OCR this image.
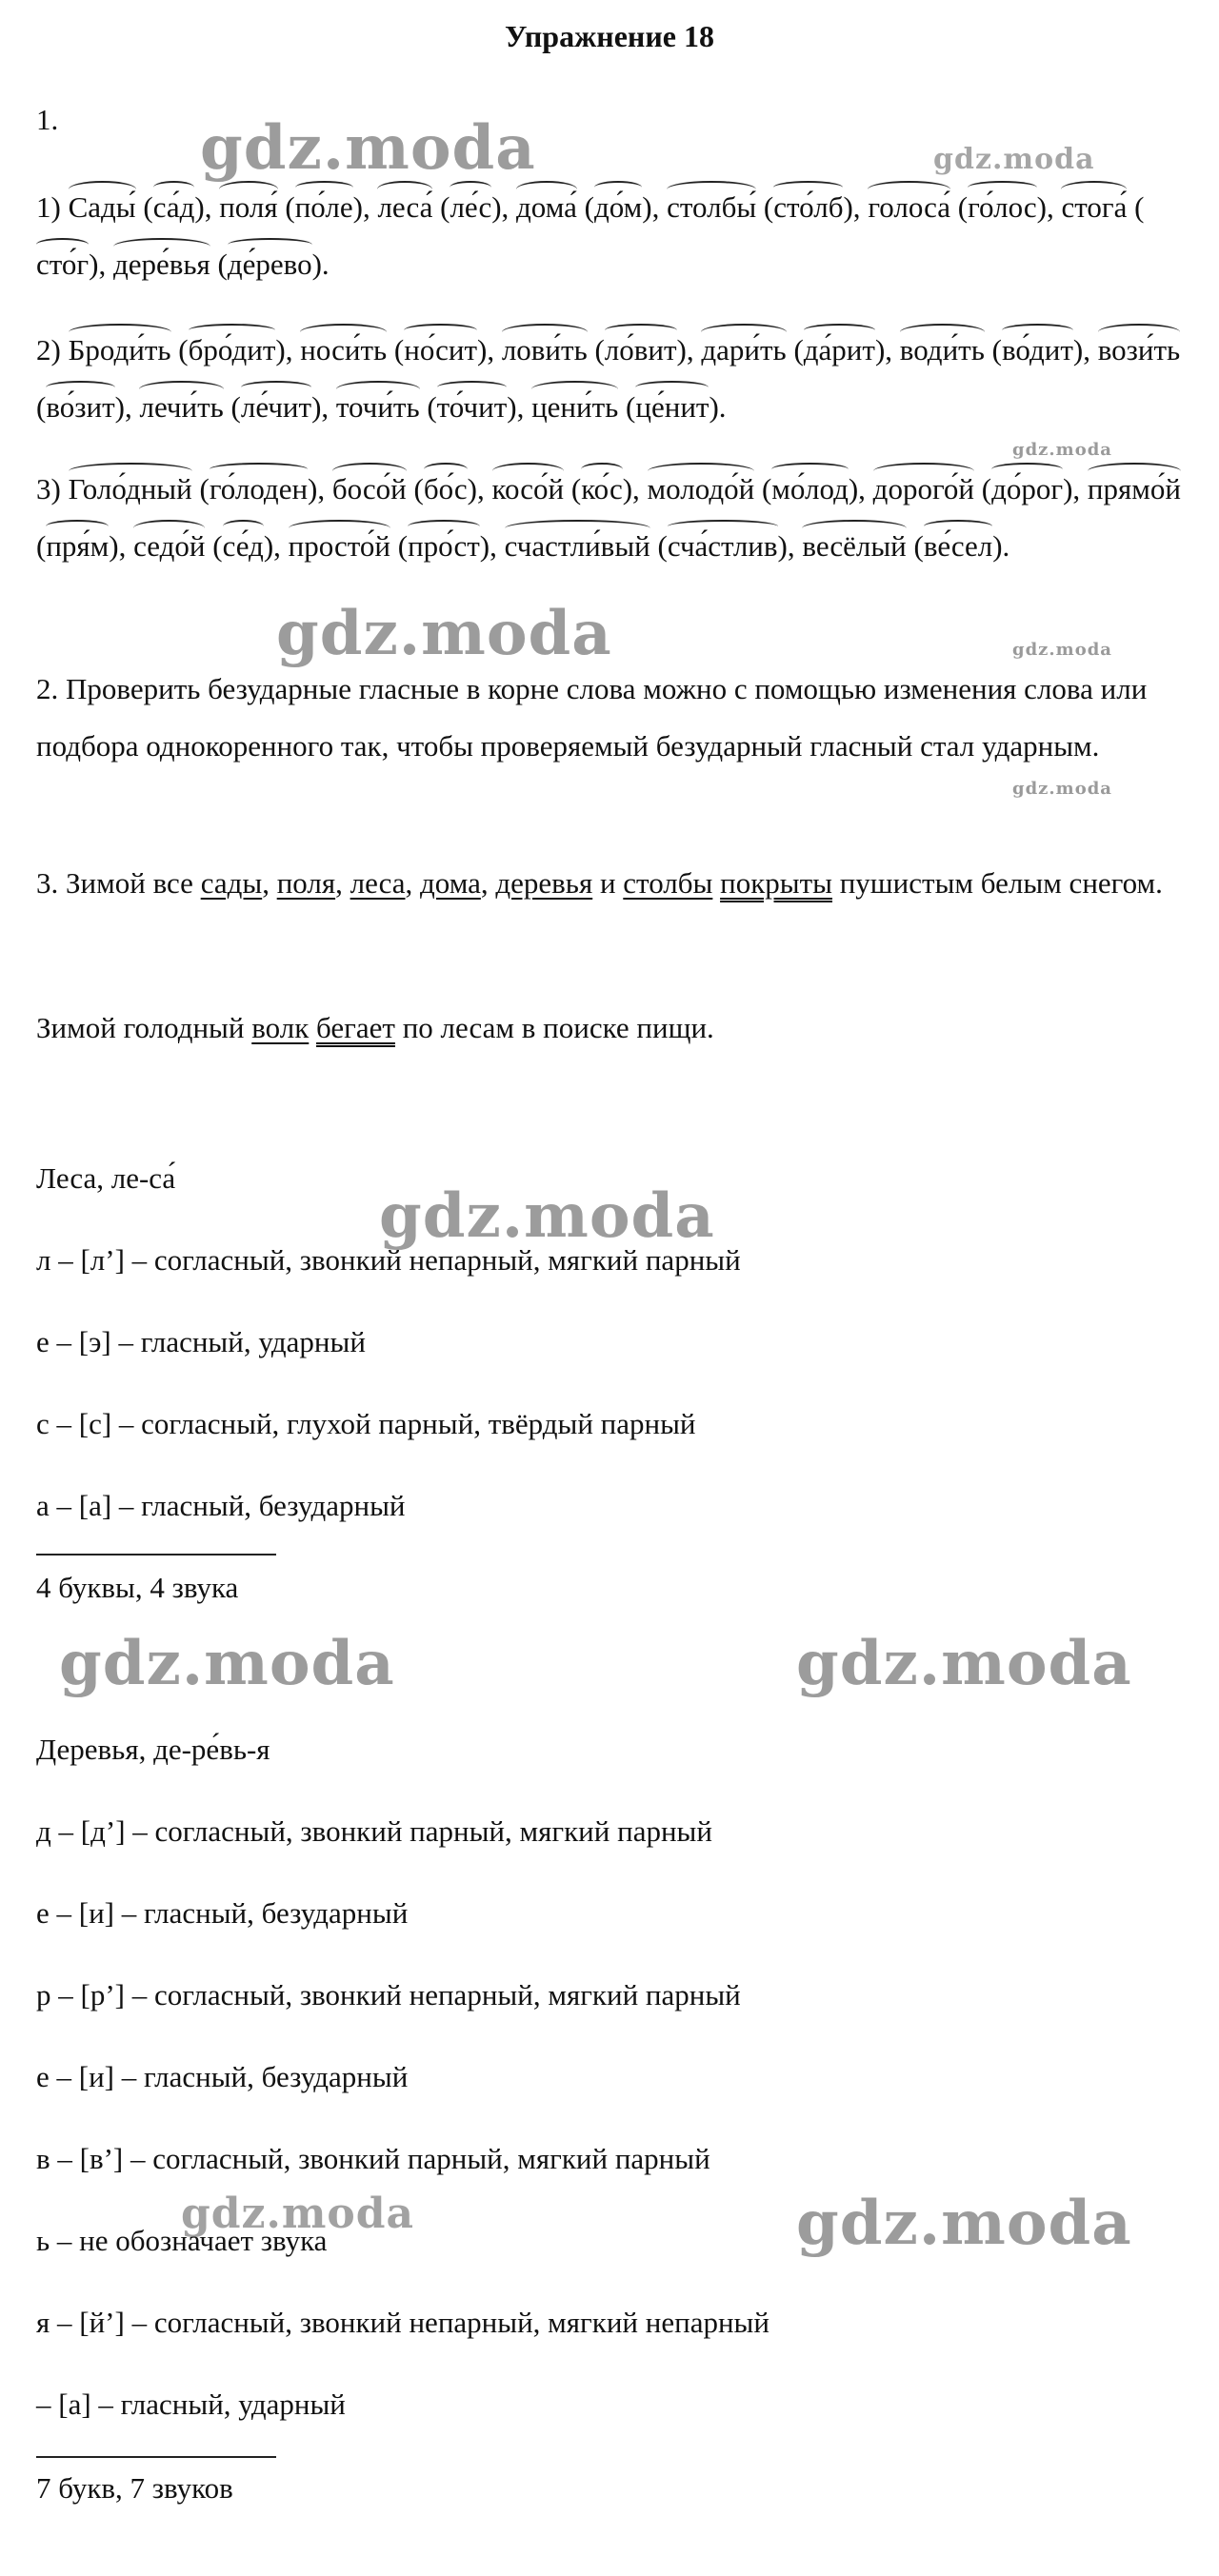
Упражнение 18
gdz.moda	gdz.moda
gdz.moda
gdz.moda	gdz.moda
gdz.moda
gdz.moda
gdz.moda	gdz.moda
gdz.moda	gdz.moda
1.
1)
Сады́ (
са́д),
поля́ (
по́ле),
леса́ (
ле́с),
дома́ (
до́м),
столбы́ (
сто́лб),
голоса́ (
го́лос),
стога́ (
сто́г),
дере́вья (
де́рево).
2)
Броди́ть (
бро́дит),
носи́ть (
но́сит),
лови́ть (
ло́вит),
дари́ть (
да́рит),
води́ть (
во́дит),
вози́ть (
во́зит),
лечи́ть (
ле́чит),
точи́ть (
то́чит),
цени́ть (
це́нит).
3)
Голо́дный (
го́лоден),
босо́й (
бо́с),
косо́й (
ко́с),
молодо́й (
мо́лод),
дорого́й (
до́рог),
прямо́й (
пря́м),
седо́й (
се́д),
просто́й (
про́ст),
счастли́вый (
сча́стлив),
весёлый (
ве́сел).
2. Проверить безударные гласные в корне слова можно с помощью изменения слова или подбора однокоренного так, чтобы проверяемый безударный гласный стал ударным.
3. Зимой все сады, поля, леса, дома, деревья и столбы покрыты пушистым белым снегом.
Зимой голодный волк бегает по лесам в поиске пищи.
Леса, ле-са́
л – [л’] – согласный, звонкий непарный, мягкий парный
е – [э] – гласный, ударный
с – [с] – согласный, глухой парный, твёрдый парный
а – [а] – гласный, безударный
4 буквы, 4 звука
Деревья, де-ре́вь-я
д – [д’] – согласный, звонкий парный, мягкий парный
е – [и] – гласный, безударный
р – [р’] – согласный, звонкий непарный, мягкий парный
е – [и] – гласный, безударный
в – [в’] – согласный, звонкий парный, мягкий парный
ь – не обозначает звука
я – [й’] – согласный, звонкий непарный, мягкий непарный
– [а] – гласный, ударный
7 букв, 7 звуков
